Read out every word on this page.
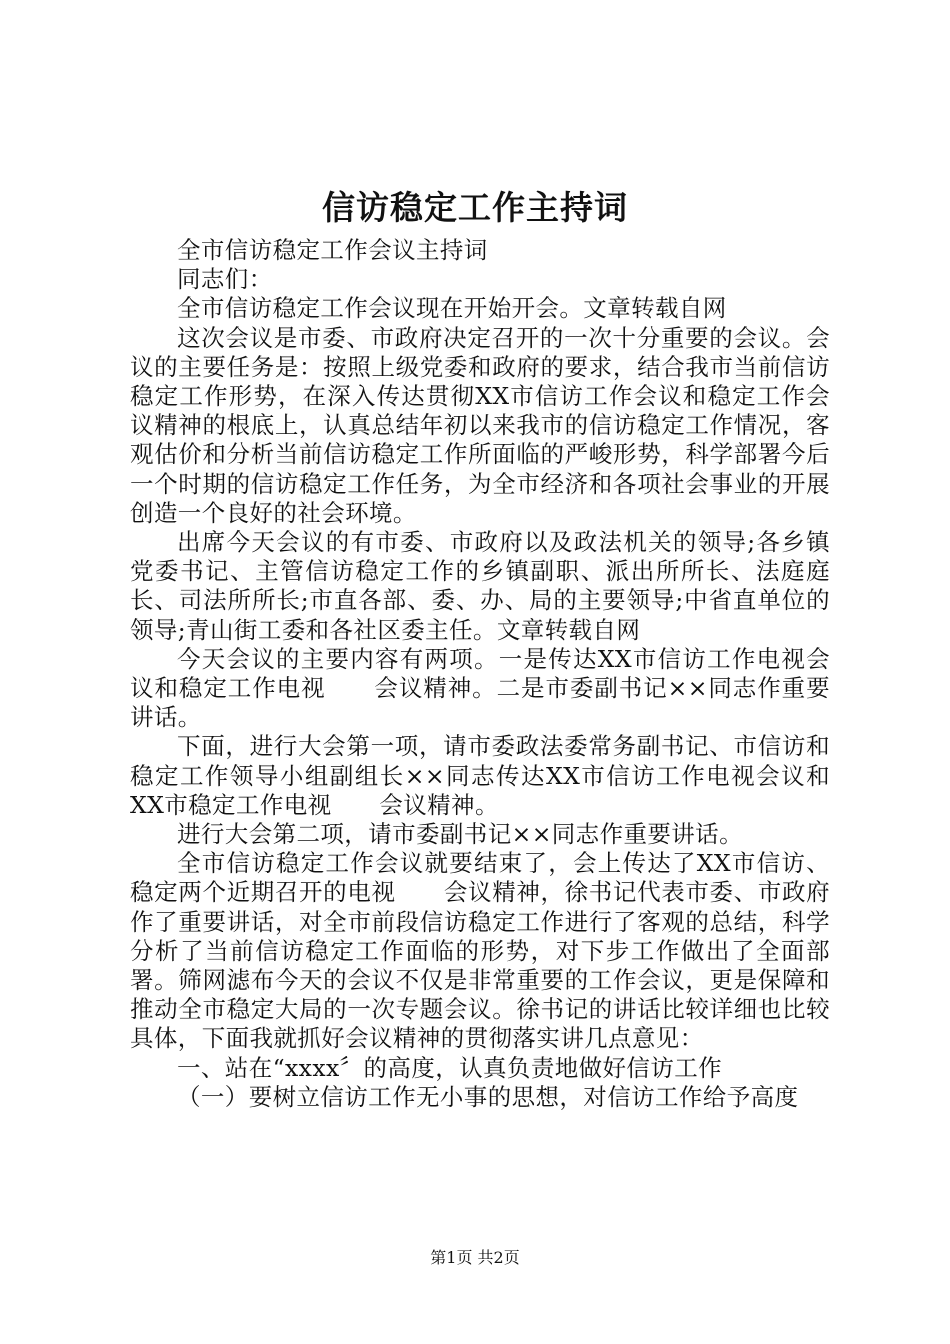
信访稳定工作主持词

全市信访稳定工作会议主持词

同志们：

全市信访稳定工作会议现在开始开会。文章转载自网

这次会议是市委、市政府决定召开的一次十分重要的会议。会议的主要任务是：按照上级党委和政府的要求，结合我市当前信访稳定工作形势，在深入传达贯彻XX市信访工作会议和稳定工作会议精神的根底上，认真总结年初以来我市的信访稳定工作情况，客观估价和分析当前信访稳定工作所面临的严峻形势，科学部署今后一个时期的信访稳定工作任务，为全市经济和各项社会事业的开展创造一个良好的社会环境。

出席今天会议的有市委、市政府以及政法机关的领导;各乡镇党委书记、主管信访稳定工作的乡镇副职、派出所所长、法庭庭长、司法所所长;市直各部、委、办、局的主要领导;中省直单位的领导;青山街工委和各社区委主任。文章转载自网

今天会议的主要内容有两项。一是传达XX市信访工作电视会议和稳定工作电视　　会议精神。二是市委副书记××同志作重要讲话。

下面，进行大会第一项，请市委政法委常务副书记、市信访和稳定工作领导小组副组长××同志传达XX市信访工作电视会议和XX市稳定工作电视　　会议精神。

进行大会第二项，请市委副书记××同志作重要讲话。

全市信访稳定工作会议就要结束了，会上传达了XX市信访、稳定两个近期召开的电视　　会议精神，徐书记代表市委、市政府作了重要讲话，对全市前段信访稳定工作进行了客观的总结，科学分析了当前信访稳定工作面临的形势，对下步工作做出了全面部署。筛网滤布今天的会议不仅是非常重要的工作会议，更是保障和推动全市稳定大局的一次专题会议。徐书记的讲话比较详细也比较具体，下面我就抓好会议精神的贯彻落实讲几点意见：

一、站在“xxxx〞的高度，认真负责地做好信访工作

（一）要树立信访工作无小事的思想，对信访工作给予高度

第1页 共2页
